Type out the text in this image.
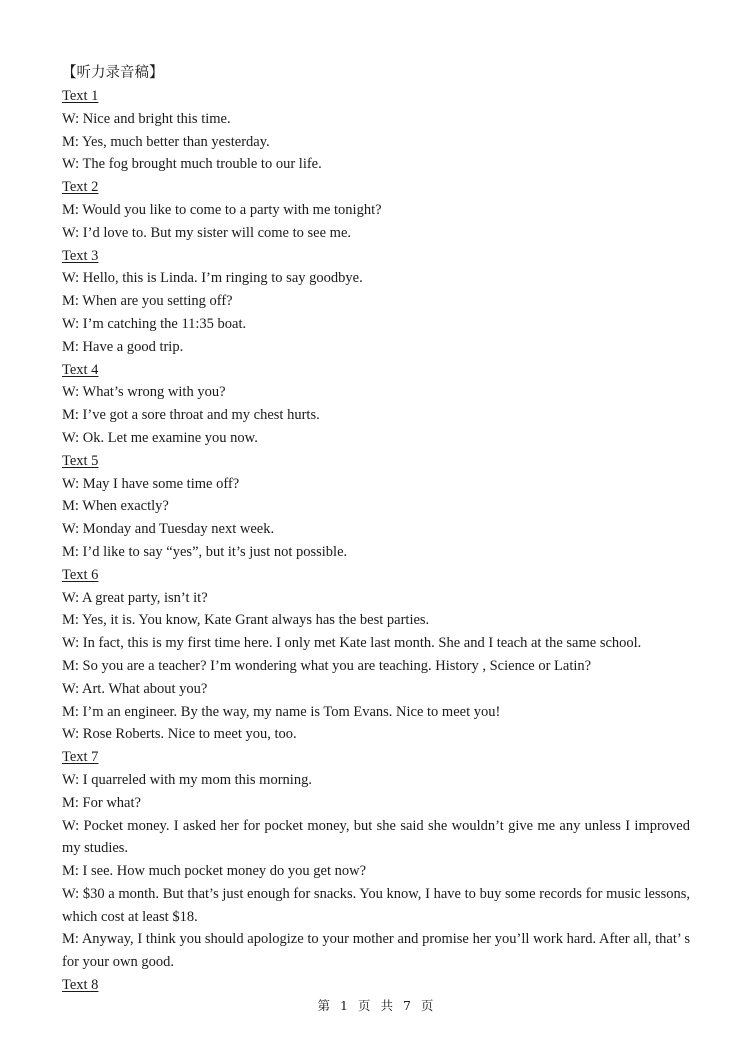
【听力录音稿】
Text 1
W: Nice and bright this time.
M: Yes, much better than yesterday.
W: The fog brought much trouble to our life.
Text 2
M: Would you like to come to a party with me tonight?
W: I’d love to. But my sister will come to see me.
Text 3
W: Hello, this is Linda. I’m ringing to say goodbye.
M: When are you setting off?
W: I’m catching the 11:35 boat.
M: Have a good trip.
Text 4
W: What’s wrong with you?
M: I’ve got a sore throat and my chest hurts.
W: Ok. Let me examine you now.
Text 5
W: May I have some time off?
M: When exactly?
W: Monday and Tuesday next week.
M: I’d like to say “yes”, but it’s just not possible.
Text 6
W: A great party, isn’t it?
M: Yes, it is. You know, Kate Grant always has the best parties.
W: In fact, this is my first time here. I only met Kate last month. She and I teach at the same school.
M: So you are a teacher? I’m wondering what you are teaching. History , Science or Latin?
W: Art. What about you?
M: I’m an engineer. By the way, my name is Tom Evans. Nice to meet you!
W: Rose Roberts. Nice to meet you, too.
Text 7
W: I quarreled with my mom this morning.
M: For what?
W: Pocket money. I asked her for pocket money, but she said she wouldn’t give me any unless I improved my studies.
M: I see. How much pocket money do you get now?
W: $30 a month. But that’s just enough for snacks. You know, I have to buy some records for music lessons, which cost at least $18.
M: Anyway, I think you should apologize to your mother and promise her you’ll work hard. After all, that’ s for your own good.
Text 8
第 1 页 共 7 页
